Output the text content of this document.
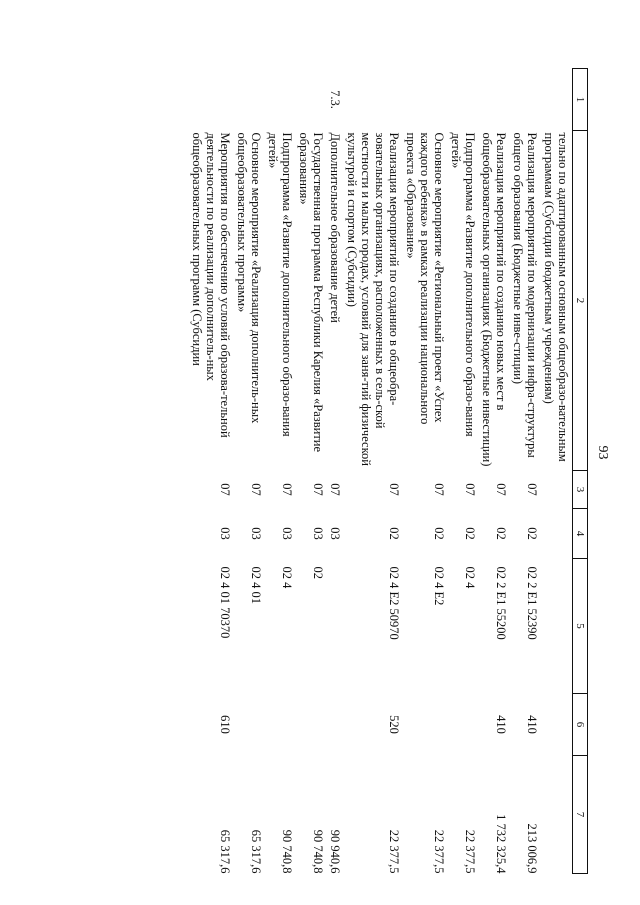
93
1	2	3	4	5	6	7
	тельно по адаптированным основным общеобразо-вательным программам (Субсидии бюджетным учреждениям)					
	Реализация мероприятий по модернизации инфра-структуры общего образования (Бюджетные инве-стиции)	07	02	02 2 E1 52390	410	213 006,9
	Реализация мероприятий по созданию новых мест в общеобразовательных организациях (Бюджетные инвестиции)	07	02	02 2 E1 55200	410	1 732 325,4
	Подпрограмма «Развитие дополнительного образо-вания детей»	07	02	02 4		22 377,5
	Основное мероприятие «Региональный проект «Успех каждого ребенка» в рамках реализации национального проекта «Образование»	07	02	02 4 E2		22 377,5
	Реализация мероприятий по созданию в общеобра-зовательных организациях, расположенных в сель-ской местности и малых городах, условий для заня-тий физической культурой и спортом (Субсидии)	07	02	02 4 E2 50970	520	22 377,5
7.3.	Дополнительное образование детей	07	03			90 940,6
	Государственная программа Республики Карелия «Развитие образования»	07	03	02		90 740,8
	Подпрограмма «Развитие дополнительного образо-вания детей»	07	03	02 4		90 740,8
	Основное мероприятие «Реализация дополнитель-ных общеобразовательных программ»	07	03	02 4 01		65 317,6
	Мероприятия по обеспечению условий образова-тельной деятельности по реализации дополнитель-ных общеобразовательных программ (Субсидии	07	03	02 4 01 70370	610	65 317,6
